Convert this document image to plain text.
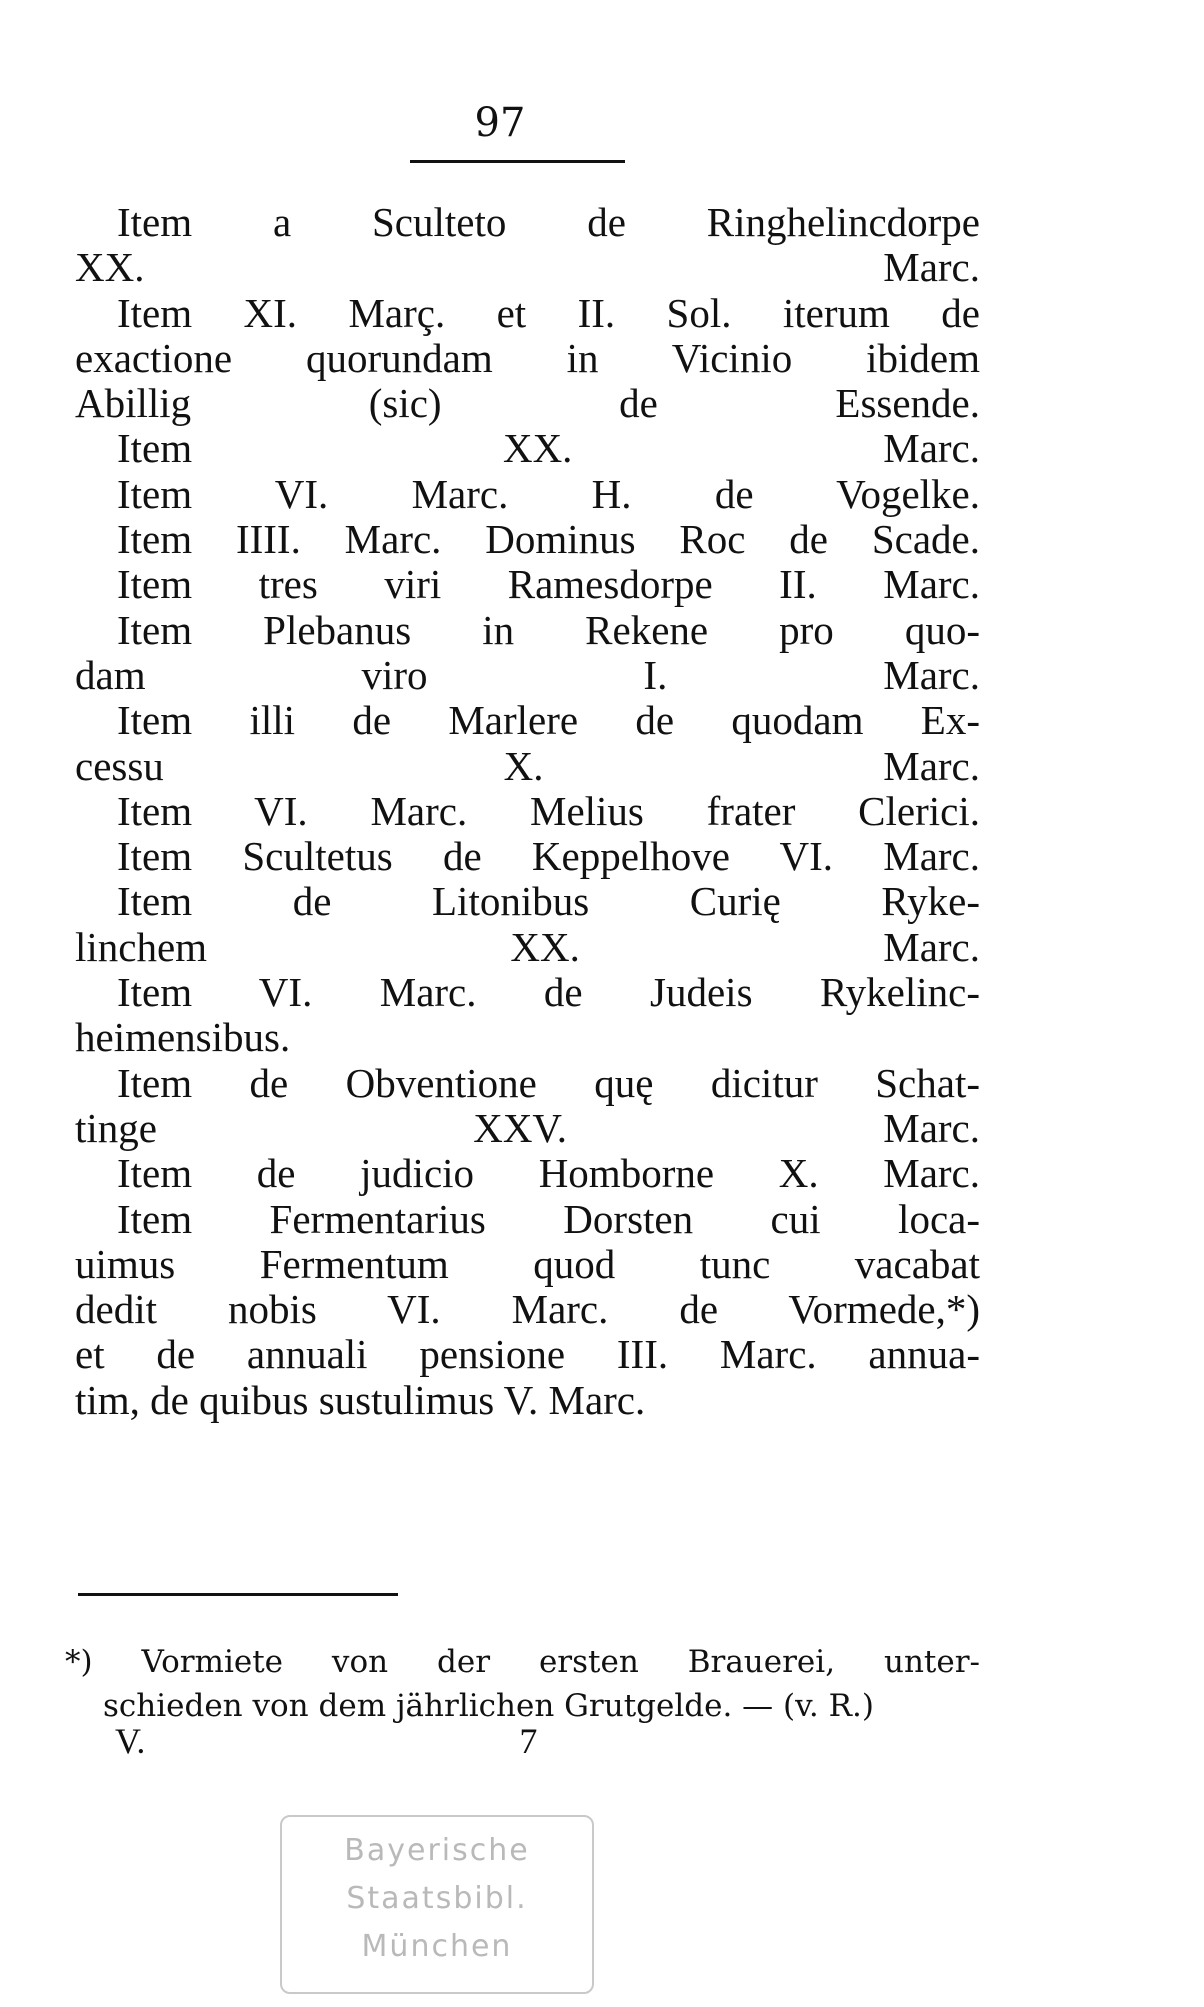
97
Item a Sculteto de Ringhelincdorpe
XX. Marc.
Item XI. Març. et II. Sol. iterum de
exactione quorundam in Vicinio ibidem
Abillig (sic) de Essende.
Item XX. Marc.
Item VI. Marc. H. de Vogelke.
Item IIII. Marc. Dominus Roc de Scade.
Item tres viri Ramesdorpe II. Marc.
Item Plebanus in Rekene pro quo-
dam viro I. Marc.
Item illi de Marlere de quodam Ex-
cessu X. Marc.
Item VI. Marc. Melius frater Clerici.
Item Scultetus de Keppelhove VI. Marc.
Item de Litonibus Curię Ryke-
linchem XX. Marc.
Item VI. Marc. de Judeis Rykelinc-
heimensibus.
Item de Obventione quę dicitur Schat-
tinge XXV. Marc.
Item de judicio Homborne X. Marc.
Item Fermentarius Dorsten cui loca-
uimus Fermentum quod tunc vacabat
dedit nobis VI. Marc. de Vormede,*)
et de annuali pensione III. Marc. annua-
tim, de quibus sustulimus V. Marc.
*) Vormiete von der ersten Brauerei, unter-
schieden von dem jährlichen Grutgelde. — (v. R.)
V.	7
Bayerische
Staatsbibl.
München
